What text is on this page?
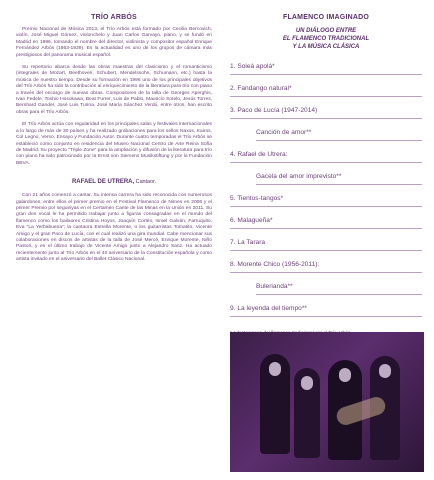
TRÍO ARBÓS

Premio Nacional de Música 2013, el Trío Arbós está formado por Cecilia Bercovich, violín, José Miguel Gómez, violonchelo y Juan Carlos Garvayo, piano, y se fundó en Madrid en 1996, tomando el nombre del director, violinista y compositor español Enrique Fernández Arbós (1863-1939). Es la actualidad es uno de los grupos de cámara más prestigiosos del panorama musical español.

Su repertorio abarca desde las obras maestras del clasicismo y el romanticismo (integrales de Mozart, Beethoven, Schubert, Mendelssohn, Schumann, etc.) hasta la música de nuestro tiempo. Desde su formación en 1996 uno de los principales objetivos del Trío Arbós ha sido la contribución al enriquecimiento de la literatura para trío con piano a través del encargo de nuevas obras. Compositores de la talla de Georges Aperghis, Ivan Fedele, Toshio Hosokawa, Beat Furrer, Luis de Pablo, Mauricio Sotelo, Jesús Torres, Bernhard Gander, José Luis Turina, José María Sánchez Verdú, entre otros, han escrito obras para el Trío Arbós.

El Trío Arbós actúa con regularidad en los principales salas y festivales internacionales a lo largo de más de 30 países y ha realizado grabaciones para los sellos Naxos, Kairos, Col Legno, Verso, Ensayo y Fundación Autor. Durante cuatro temporadas el Trío Arbós se estableció como conjunto en residencia del Museo Nacional Centro de Arte Reina Sofía de Madrid. Su proyecto "Triple Zone" para la ampliación y difusión de la literatura para trío con piano ha sido patrocinado por la Ernst von Siemens Musikstiftung y por la Fundación BBVA.

RAFAEL DE UTRERA, Cantaor.

Con 21 años comenzó a cantar. Su intensa carrera ha sido reconocida con numerosos galardones, entre ellos el primer premio en el Festival Flamenco de Nimes en 2006 y el primer Premio por seguiriyas en el Certamen Cante de las Minas en la Unión en 2011. Su gran don vocal le ha permitido trabajar junto a figuras consagradas en el mundo del flamenco como los bailaores Cristina Hoyos, Joaquín Cortés, Israel Galván, Farruquito, Eva "La Yerbabuena"; la cantaora Estrella Morente, o los guitarristas Tomatito, Vicente Amigo y el gran Paco de Lucía, con el cual realizó una gira mundial. Cabe mencionar sus colaboraciones en discos de artistas de la talla de José Mercé, Enrique Morente, Niño Pastori, y en el último trabajo de Vicente Amigo junto a Alejandro Sanz. Ha actuado recientemente junto al Trío Arbós en el 40 aniversario de la Constitución española y como artista invitado en el aniversario del Ballet Clásico Nacional.

FLAMENCO IMAGINADO
UN DIÁLOGO ENTRE
EL FLAMENCO TRADICIONAL
Y LA MÚSICA CLÁSICA
1. Soleá apolá*
2. Fandango natural*
3. Paco de Lucía (1947-2014)
Canción de amor**
4. Rafael de Utrera:
Gacela del amor imprevisto**
5. Tientos-tangos*
6. Malagueña*
7. La Tarara
8. Morente Chico (1956-2011):
Bulerianda**
9. La leyenda del tiempo**
